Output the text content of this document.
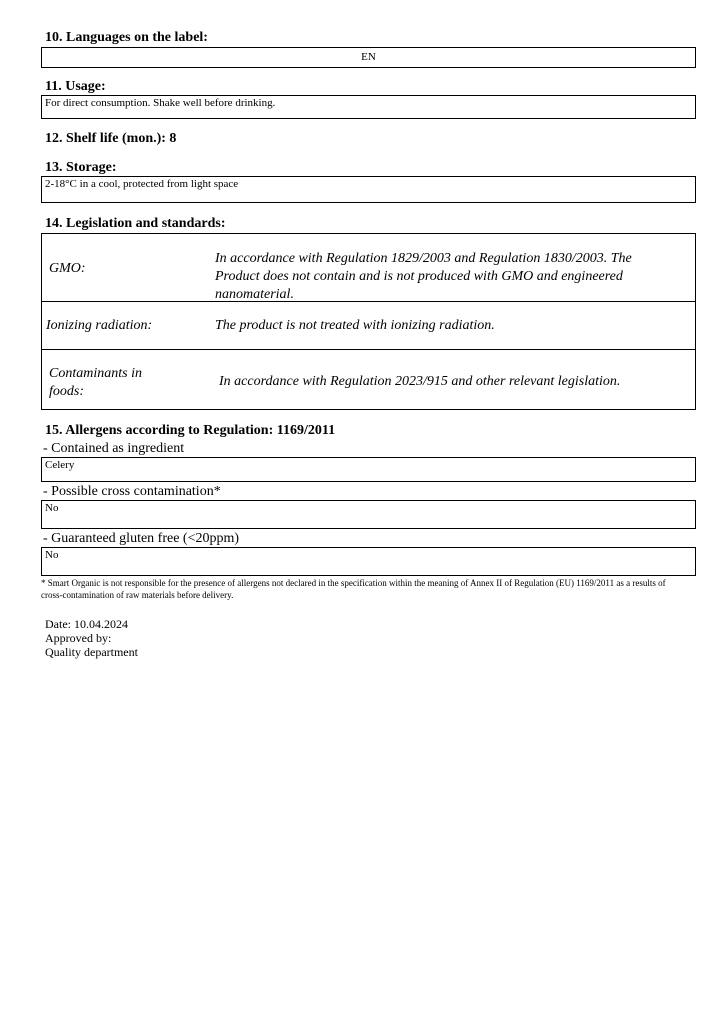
10. Languages on the label:
EN
11. Usage:
For direct consumption. Shake well before drinking.
12. Shelf life (mon.): 8
13. Storage:
2-18°C in a cool, protected from light space
14. Legislation and standards:
GMO:
In accordance with Regulation 1829/2003 and Regulation 1830/2003. The Product does not contain and is not produced with GMO and engineered nanomaterial.
Ionizing radiation:	The product is not treated with ionizing radiation.
Contaminants in foods:
In accordance with Regulation 2023/915 and other relevant legislation.
15. Allergens according to Regulation: 1169/2011
- Contained as ingredient
Celery
- Possible cross contamination*
No
- Guaranteed gluten free (<20ppm)
No
* Smart Organic is not responsible for the presence of allergens not declared in the specification within the meaning of Annex II of Regulation (EU) 1169/2011 as a results of cross-contamination of raw materials before delivery.
Date: 10.04.2024
Approved by:
Quality department
